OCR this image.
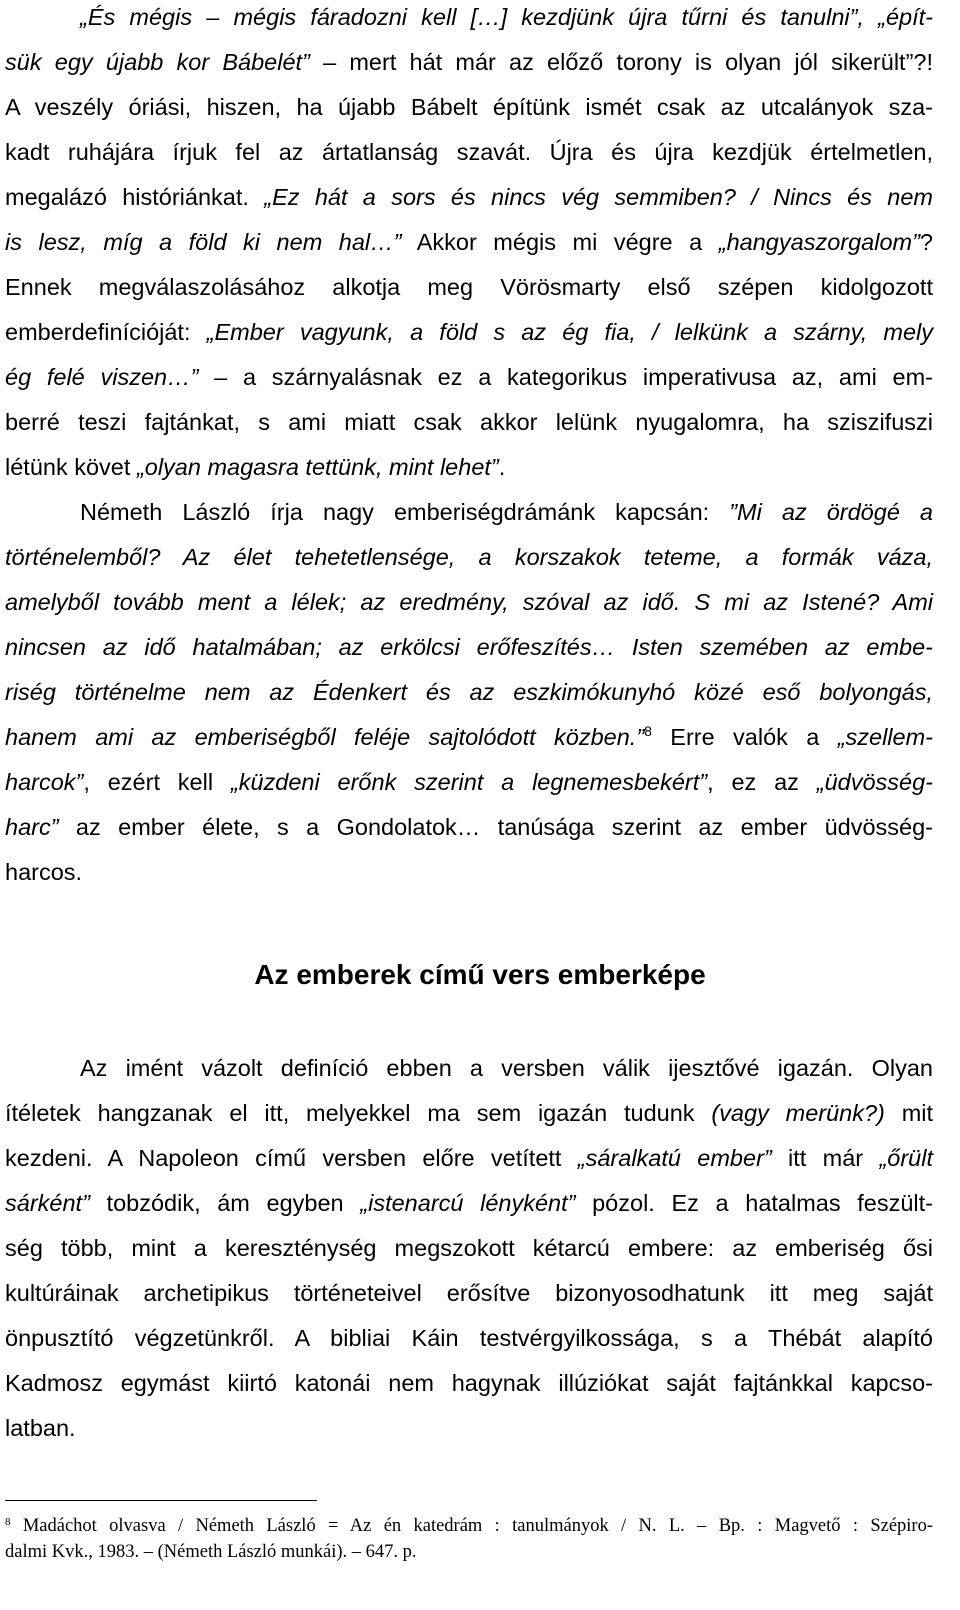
„És mégis – mégis fáradozni kell […] kezdjünk újra tűrni és tanulni”, „épít-
sük egy újabb kor Bábelét” – mert hát már az előző torony is olyan jól sikerült”?!
A veszély óriási, hiszen, ha újabb Bábelt építünk ismét csak az utcalányok sza-
kadt ruhájára írjuk fel az ártatlanság szavát. Újra és újra kezdjük értelmetlen,
megalázó históriánkat. „Ez hát a sors és nincs vég semmiben? / Nincs és nem
is lesz, míg a föld ki nem hal…” Akkor mégis mi végre a „hangyaszorgalom”?
Ennek megválaszolásához alkotja meg Vörösmarty első szépen kidolgozott
emberdefinícióját: „Ember vagyunk, a föld s az ég fia, / lelkünk a szárny, mely
ég felé viszen…” – a szárnyalásnak ez a kategorikus imperativusa az, ami em-
berré teszi fajtánkat, s ami miatt csak akkor lelünk nyugalomra, ha sziszifuszi
létünk követ „olyan magasra tettünk, mint lehet”.
Németh László írja nagy emberiségdrámánk kapcsán: ”Mi az ördögé a
történelemből? Az élet tehetetlensége, a korszakok teteme, a formák váza,
amelyből tovább ment a lélek; az eredmény, szóval az idő. S mi az Istené? Ami
nincsen az idő hatalmában; az erkölcsi erőfeszítés… Isten szemében az embe-
riség történelme nem az Édenkert és az eszkimókunyhó közé eső bolyongás,
hanem ami az emberiségből feléje sajtolódott közben.”$^8$ Erre valók a „szellem-
harcok”, ezért kell „küzdeni erőnk szerint a legnemesbekért”, ez az „üdvösség-
harc” az ember élete, s a Gondolatok… tanúsága szerint az ember üdvösség-
harcos.
Az emberek című vers emberképe
Az imént vázolt definíció ebben a versben válik ijesztővé igazán. Olyan
ítéletek hangzanak el itt, melyekkel ma sem igazán tudunk (vagy merünk?) mit
kezdeni. A Napoleon című versben előre vetített „sáralkatú ember” itt már „őrült
sárként” tobzódik, ám egyben „istenarcú lényként” pózol. Ez a hatalmas feszült-
ség több, mint a kereszténység megszokott kétarcú embere: az emberiség ősi
kultúráinak archetipikus történeteivel erősítve bizonyosodhatunk itt meg saját
önpusztító végzetünkről. A bibliai Káin testvérgyilkossága, s a Thébát alapító
Kadmosz egymást kiirtó katonái nem hagynak illúziókat saját fajtánkkal kapcso-
latban.
$^8$ Madáchot olvasva / Németh László = Az én katedrám : tanulmányok / N. L. – Bp. : Magvető : Szépiro-
dalmi Kvk., 1983. – (Németh László munkái). – 647. p.
